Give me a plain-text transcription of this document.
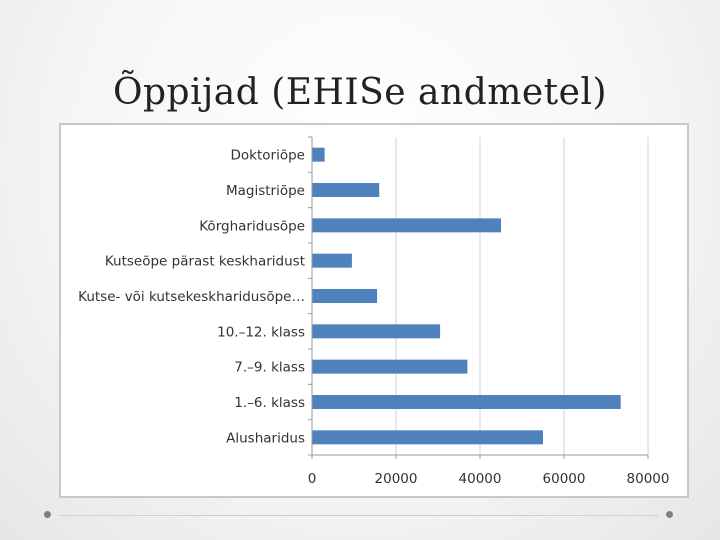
Õppijad (EHISe andmetel)
Doktoriõpe
Magistriõpe
Kõrgharidusõpe
Kutseõpe pärast keskharidust
Kutse- või kutsekeskharidusõpe…
10.–12. klass
7.–9. klass
1.–6. klass
Alusharidus
0	20000	40000	60000	80000
